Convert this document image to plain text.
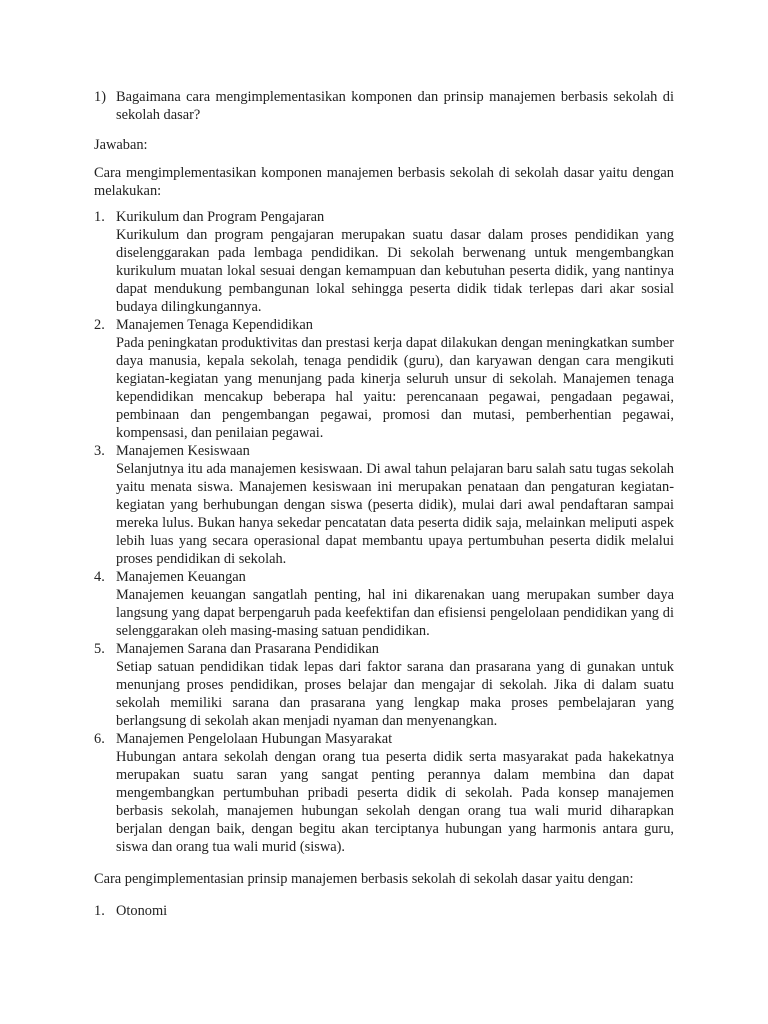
1) Bagaimana cara mengimplementasikan komponen dan prinsip manajemen berbasis sekolah di sekolah dasar?

Jawaban:

Cara mengimplementasikan komponen manajemen berbasis sekolah di sekolah dasar yaitu dengan melakukan:

1. Kurikulum dan Program Pengajaran
Kurikulum dan program pengajaran merupakan suatu dasar dalam proses pendidikan yang diselenggarakan pada lembaga pendidikan. Di sekolah berwenang untuk mengembangkan kurikulum muatan lokal sesuai dengan kemampuan dan kebutuhan peserta didik, yang nantinya dapat mendukung pembangunan lokal sehingga peserta didik tidak terlepas dari akar sosial budaya dilingkungannya.
2. Manajemen Tenaga Kependidikan
Pada peningkatan produktivitas dan prestasi kerja dapat dilakukan dengan meningkatkan sumber daya manusia, kepala sekolah, tenaga pendidik (guru), dan karyawan dengan cara mengikuti kegiatan-kegiatan yang menunjang pada kinerja seluruh unsur di sekolah. Manajemen tenaga kependidikan mencakup beberapa hal yaitu: perencanaan pegawai, pengadaan pegawai, pembinaan dan pengembangan pegawai, promosi dan mutasi, pemberhentian pegawai, kompensasi, dan penilaian pegawai.
3. Manajemen Kesiswaan
Selanjutnya itu ada manajemen kesiswaan. Di awal tahun pelajaran baru salah satu tugas sekolah yaitu menata siswa. Manajemen kesiswaan ini merupakan penataan dan pengaturan kegiatan-kegiatan yang berhubungan dengan siswa (peserta didik), mulai dari awal pendaftaran sampai mereka lulus. Bukan hanya sekedar pencatatan data peserta didik saja, melainkan meliputi aspek lebih luas yang secara operasional dapat membantu upaya pertumbuhan peserta didik melalui proses pendidikan di sekolah.
4. Manajemen Keuangan
Manajemen keuangan sangatlah penting, hal ini dikarenakan uang merupakan sumber daya langsung yang dapat berpengaruh pada keefektifan dan efisiensi pengelolaan pendidikan yang di selenggarakan oleh masing-masing satuan pendidikan.
5. Manajemen Sarana dan Prasarana Pendidikan
Setiap satuan pendidikan tidak lepas dari faktor sarana dan prasarana yang di gunakan untuk menunjang proses pendidikan, proses belajar dan mengajar di sekolah. Jika di dalam suatu sekolah memiliki sarana dan prasarana yang lengkap maka proses pembelajaran yang berlangsung di sekolah akan menjadi nyaman dan menyenangkan.
6. Manajemen Pengelolaan Hubungan Masyarakat
Hubungan antara sekolah dengan orang tua peserta didik serta masyarakat pada hakekatnya merupakan suatu saran yang sangat penting perannya dalam membina dan dapat mengembangkan pertumbuhan pribadi peserta didik di sekolah. Pada konsep manajemen berbasis sekolah, manajemen hubungan sekolah dengan orang tua wali murid diharapkan berjalan dengan baik, dengan begitu akan terciptanya hubungan yang harmonis antara guru, siswa dan orang tua wali murid (siswa).

Cara pengimplementasian prinsip manajemen berbasis sekolah di sekolah dasar yaitu dengan:

1. Otonomi
